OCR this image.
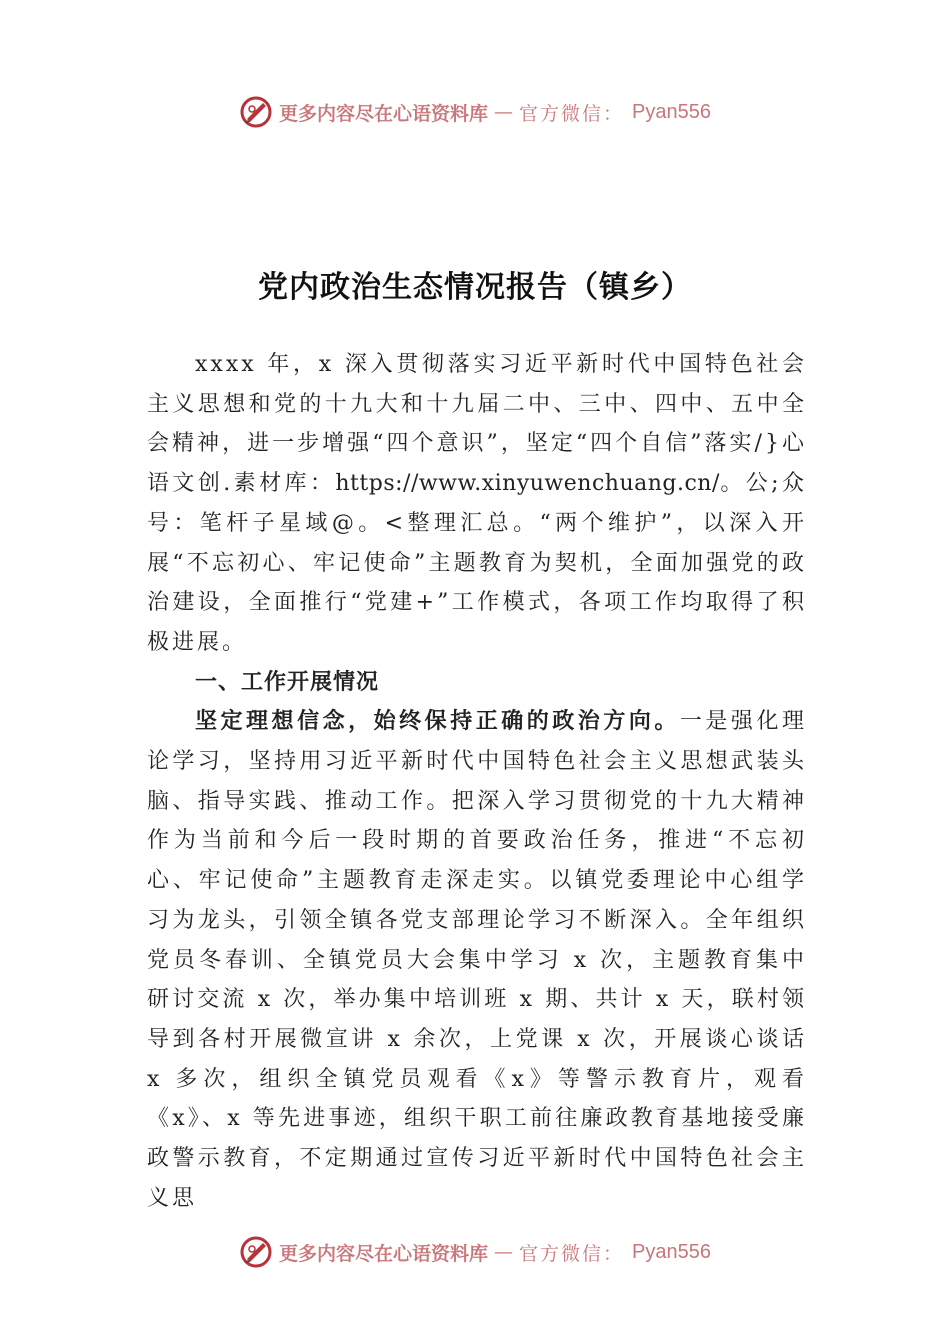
更多内容尽在心语资料库 — 官方微信： Pyan556
党内政治生态情况报告（镇乡）

xxxx 年，x 深入贯彻落实习近平新时代中国特色社会主义思想和党的十九大和十九届二中、三中、四中、五中全会精神，进一步增强“四个意识”，坚定“四个自信”落实/}心语文创.素材库：https://www.xinyuwenchuang.cn/。公;众号：笔杆子星域@。<整理汇总。“两个维护”，以深入开展“不忘初心、牢记使命”主题教育为契机，全面加强党的政治建设，全面推行“党建+”工作模式，各项工作均取得了积极进展。

一、工作开展情况

坚定理想信念，始终保持正确的政治方向。一是强化理论学习，坚持用习近平新时代中国特色社会主义思想武装头脑、指导实践、推动工作。把深入学习贯彻党的十九大精神作为当前和今后一段时期的首要政治任务，推进“不忘初心、牢记使命”主题教育走深走实。以镇党委理论中心组学习为龙头，引领全镇各党支部理论学习不断深入。全年组织党员冬春训、全镇党员大会集中学习 x 次，主题教育集中研讨交流 x 次，举办集中培训班 x 期、共计 x 天，联村领导到各村开展微宣讲 x 余次，上党课 x 次，开展谈心谈话 x 多次，组织全镇党员观看《x》等警示教育片，观看《x》、x 等先进事迹，组织干职工前往廉政教育基地接受廉政警示教育，不定期通过宣传习近平新时代中国特色社会主义思

更多内容尽在心语资料库 — 官方微信： Pyan556
